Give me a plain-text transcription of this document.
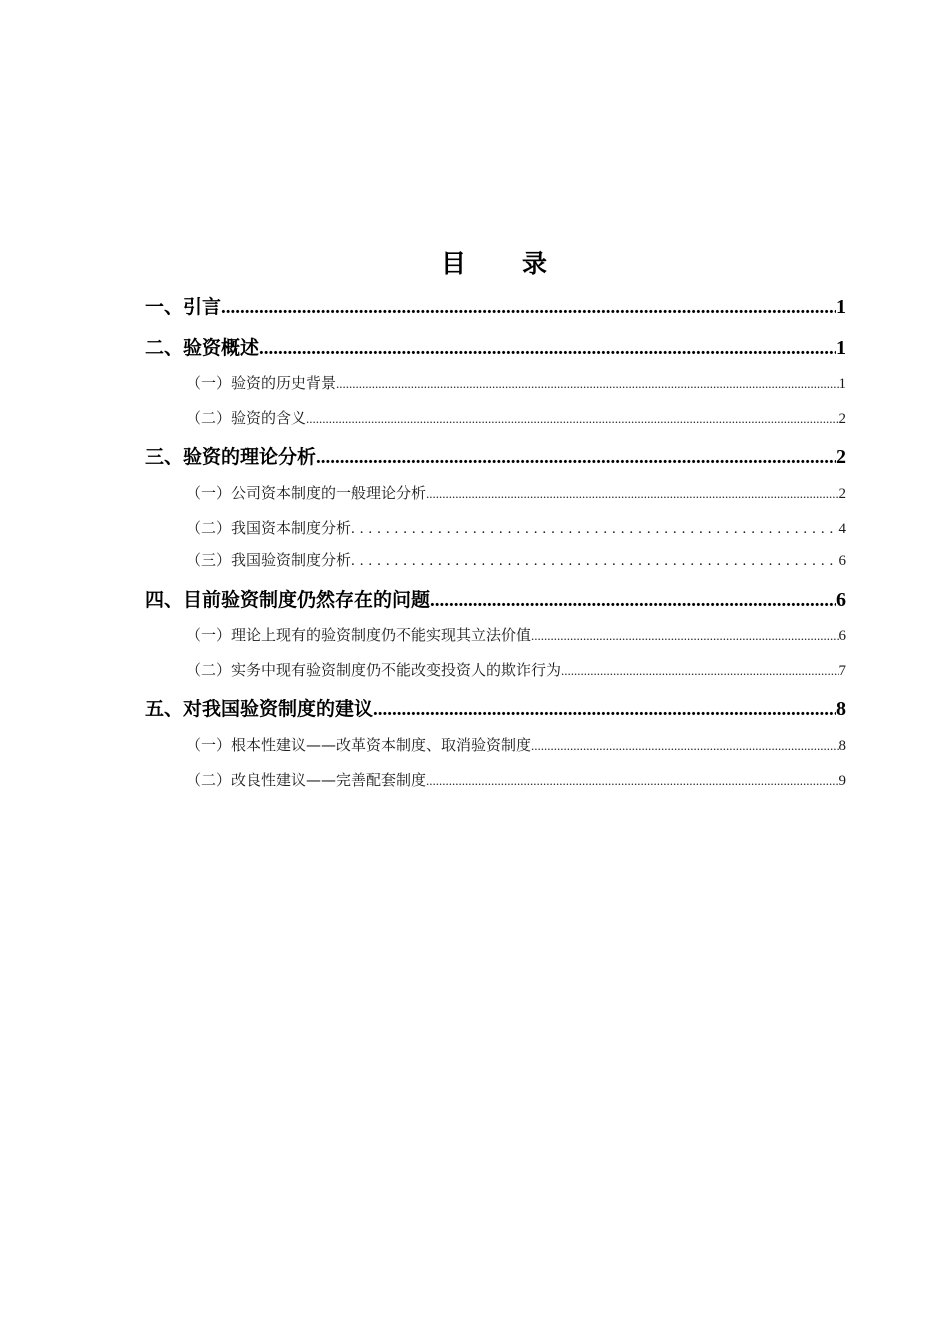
目　　录
一、引言 .....	1
二、验资概述 .....	1
（一）验资的历史背景 .....	1
（二）验资的含义 .....	2
三、验资的理论分析 .....	2
（一）公司资本制度的一般理论分析 .....	2
（二）我国资本制度分析 . . .	4
（三）我国验资制度分析 . . .	6
四、目前验资制度仍然存在的问题 .....	6
（一）理论上现有的验资制度仍不能实现其立法价值 .....	6
（二）实务中现有验资制度仍不能改变投资人的欺诈行为 .....	7
五、对我国验资制度的建议 .....	8
（一）根本性建议——改革资本制度、取消验资制度 .....	8
（二）改良性建议——完善配套制度 .....	9
